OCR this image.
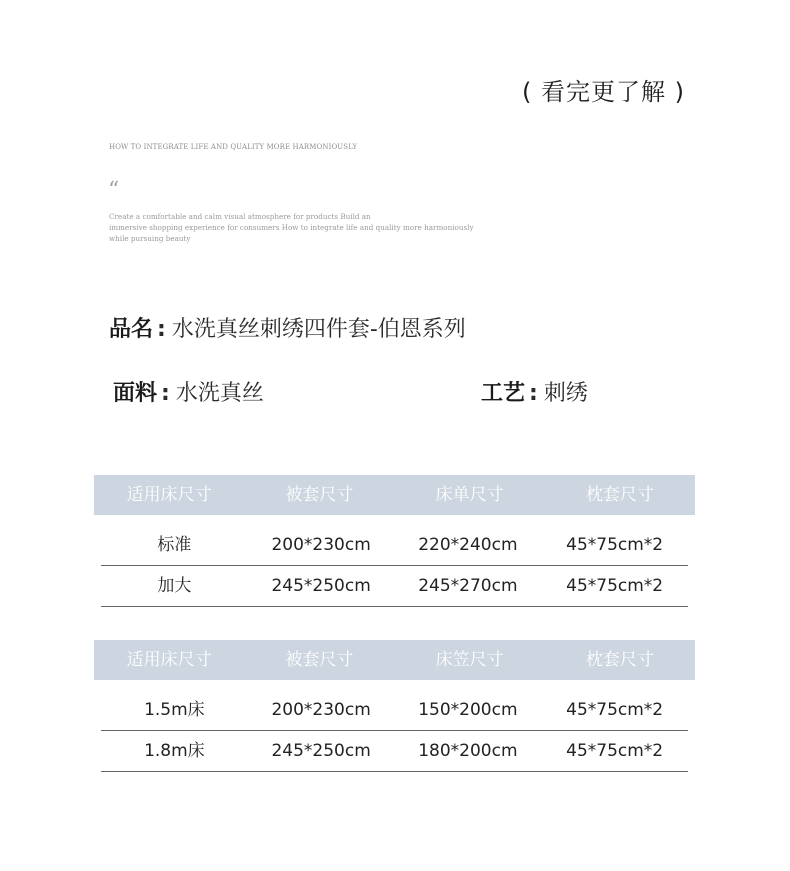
( 看完更了解 )
HOW TO INTEGRATE LIFE AND QUALITY MORE HARMONIOUSLY
“
Create a comfortable and calm visual atmosphere for products Build an
immersive shopping experience for consumers How to integrate life and quality more harmoniously
while pursuing beauty
品名 : 水洗真丝刺绣四件套-伯恩系列
面料 : 水洗真丝	工艺 : 刺绣
适用床尺寸	被套尺寸	床单尺寸	枕套尺寸
标准	200*230cm	220*240cm	45*75cm*2
加大	245*250cm	245*270cm	45*75cm*2
适用床尺寸	被套尺寸	床笠尺寸	枕套尺寸
1.5m床	200*230cm	150*200cm	45*75cm*2
1.8m床	245*250cm	180*200cm	45*75cm*2
